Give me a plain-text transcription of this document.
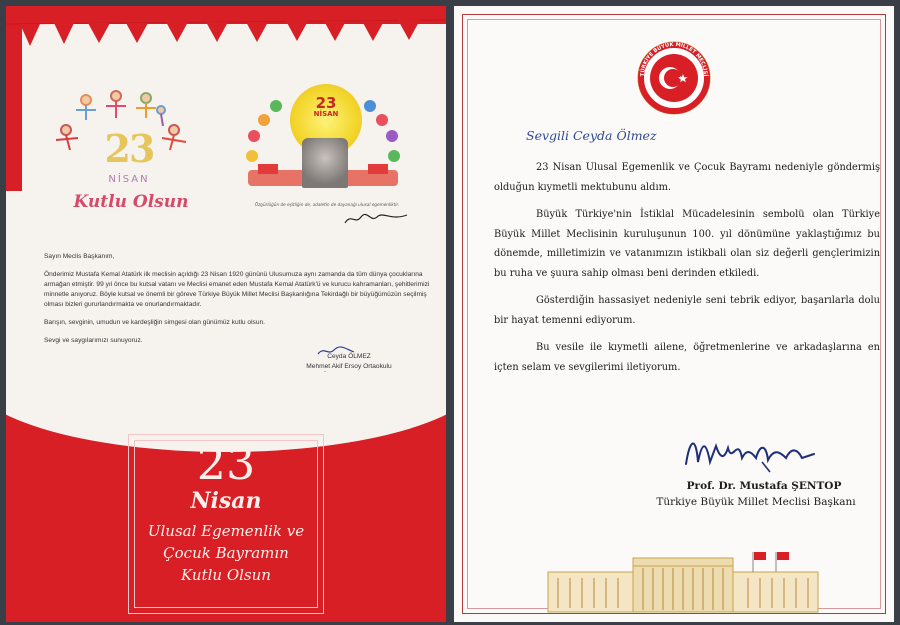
23
NİSAN
Kutlu Olsun
23
NİSAN
Özgürlüğün de eşitliğin de, adaletin de dayanağı ulusal egemenliktir.

Sayın Meclis Başkanım,

Önderimiz Mustafa Kemal Atatürk ilk meclisin açıldığı 23 Nisan 1920 gününü Ulusumuza aynı zamanda da tüm dünya çocuklarına armağan etmiştir. 99 yıl önce bu kutsal vatanı ve Meclisi emanet eden Mustafa Kemal Atatürk'ü ve kurucu kahramanları, şehitlerimizi minnetle anıyoruz. Böyle kutsal ve önemli bir göreve Türkiye Büyük Millet Meclisi Başkanlığına Tekirdağlı bir büyüğümüzün seçilmiş olması bizleri gururlandırmakta ve onurlandırmaktadır.

Barışın, sevginin, umudun ve kardeşliğin simgesi olan günümüz kutlu olsun.

Sevgi ve saygılarımızı sunuyoruz.

Ceyda ÖLMEZ
Mehmet Akif Ersoy Ortaokulu
23
Nisan
Ulusal Egemenlik ve
Çocuk Bayramın
Kutlu Olsun
TÜRKİYE BÜYÜK MİLLET MECLİSİ
Sevgili Ceyda Ölmez

23 Nisan Ulusal Egemenlik ve Çocuk Bayramı nedeniyle göndermiş olduğun kıymetli mektubunu aldım.

Büyük Türkiye'nin İstiklal Mücadelesinin sembolü olan Türkiye Büyük Millet Meclisinin kuruluşunun 100. yıl dönümüne yaklaştığımız bu dönemde, milletimizin ve vatanımızın istikbali olan siz değerli gençlerimizin bu ruha ve şuura sahip olması beni derinden etkiledi.

Gösterdiğin hassasiyet nedeniyle seni tebrik ediyor, başarılarla dolu bir hayat temenni ediyorum.

Bu vesile ile kıymetli ailene, öğretmenlerine ve arkadaşlarına en içten selam ve sevgilerimi iletiyorum.

Prof. Dr. Mustafa ŞENTOP
Türkiye Büyük Millet Meclisi Başkanı
